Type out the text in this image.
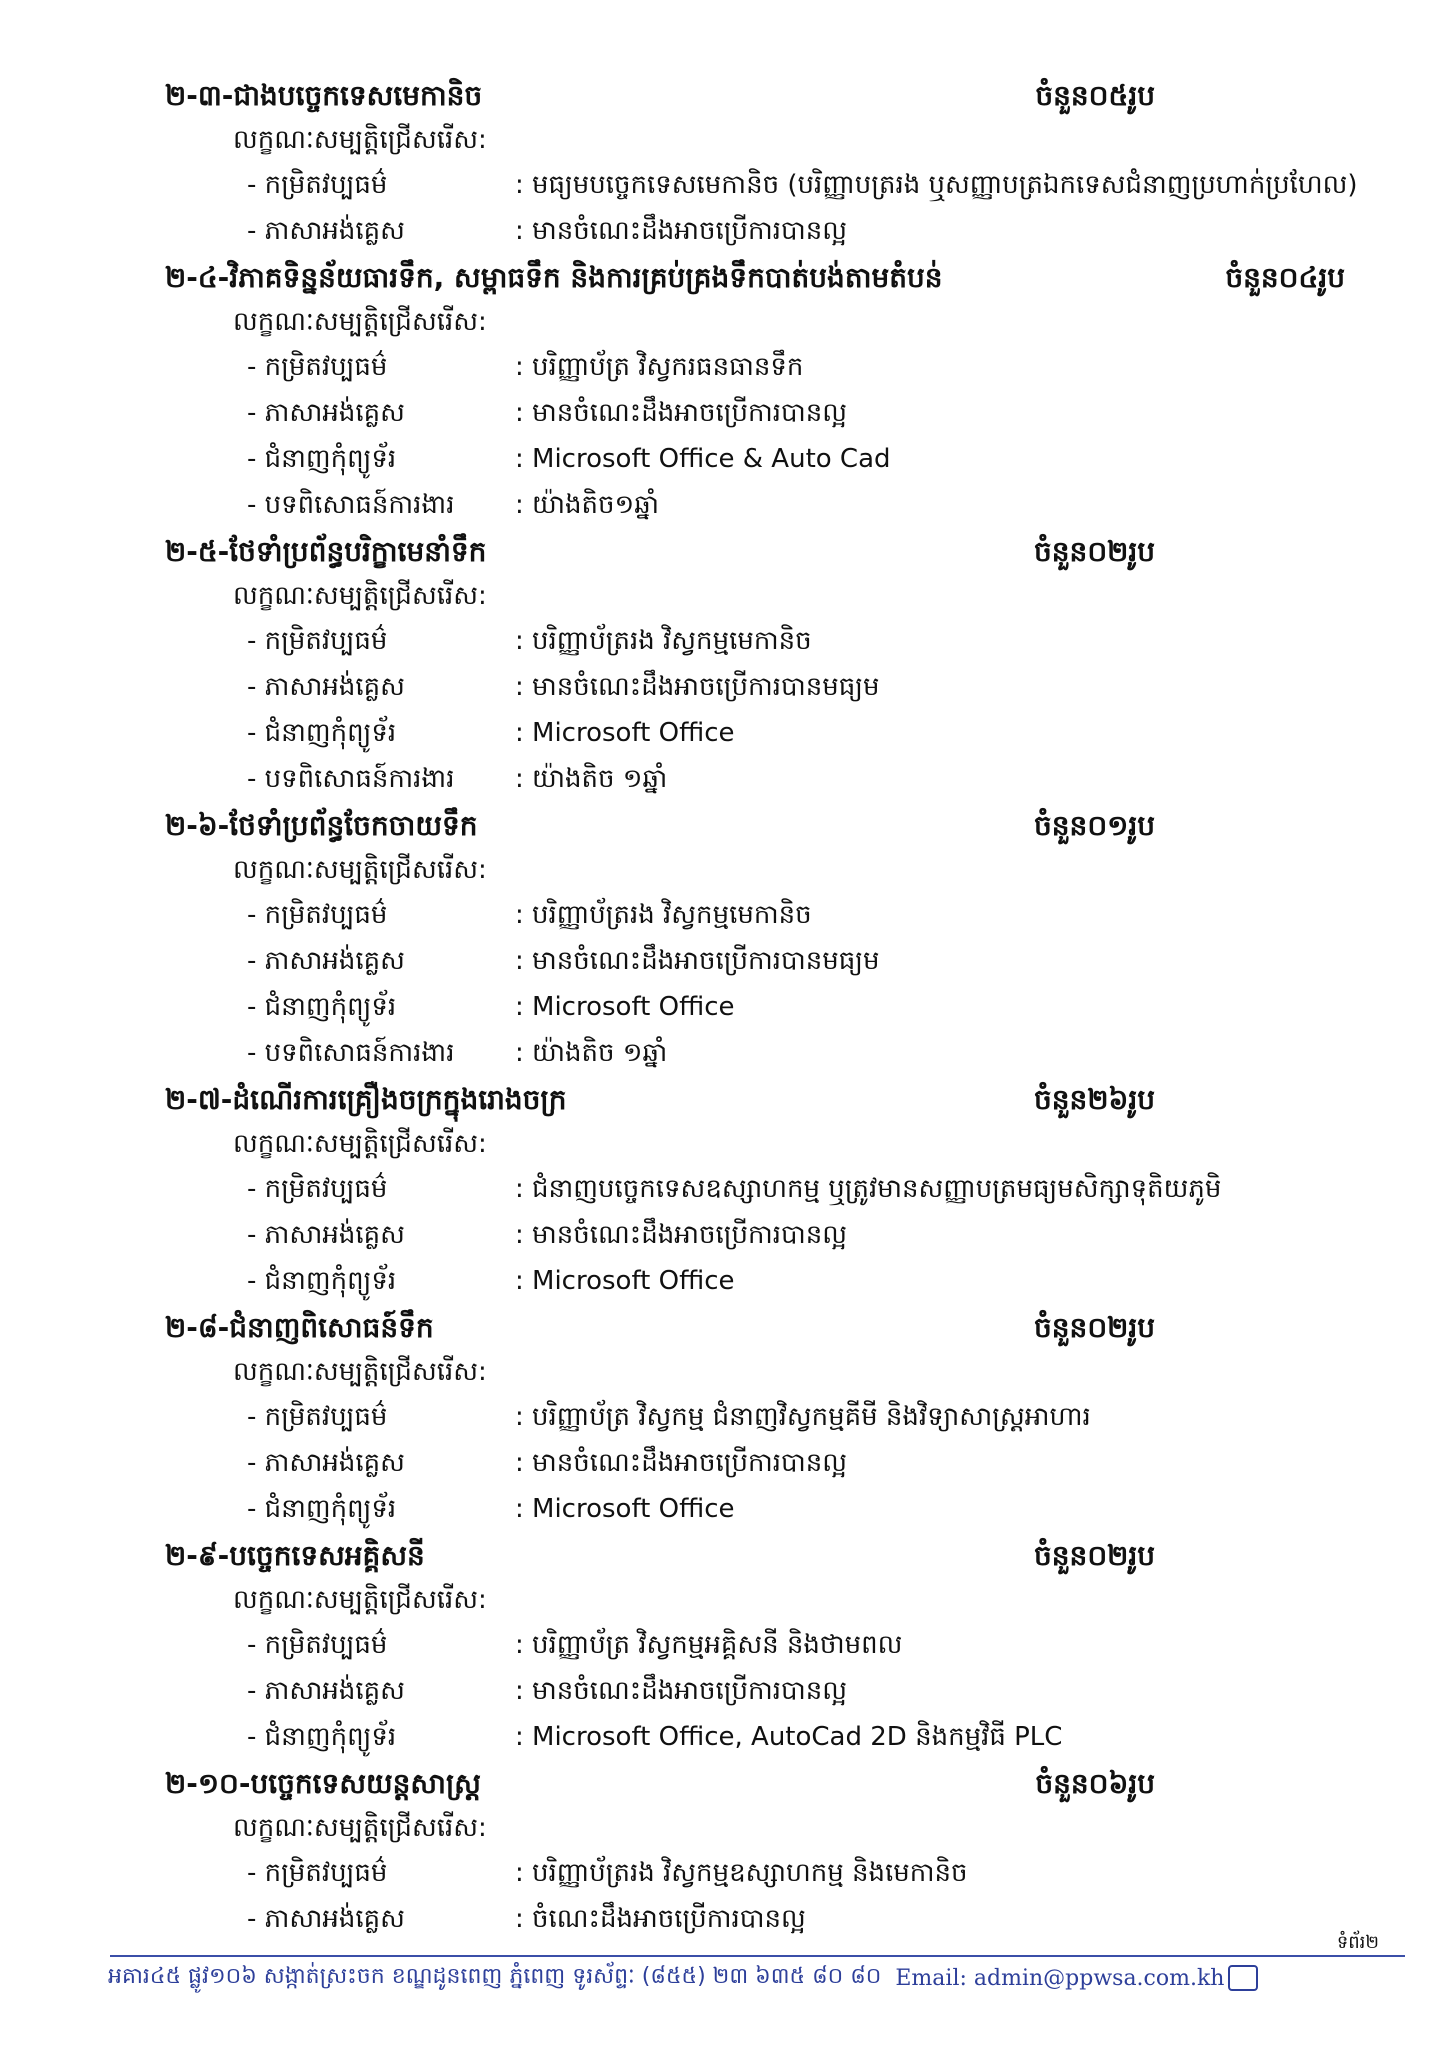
២-៣-ជាងបច្ចេកទេសមេកានិច	ចំនួន០៥រូប
លក្ខណៈសម្បត្តិជ្រើសរើស:
- កម្រិតវប្បធម៌	: មធ្យមបច្ចេកទេសមេកានិច (បរិញ្ញាបត្ររង ឬសញ្ញាបត្រឯកទេសជំនាញប្រហាក់ប្រហែល)
- ភាសាអង់គ្លេស	: មានចំណេះដឹងអាចប្រើការបានល្អ
២-៤-វិភាគទិន្នន័យធារទឹក, សម្ពាធទឹក និងការគ្រប់គ្រងទឹកបាត់បង់តាមតំបន់	ចំនួន០៤រូប
លក្ខណៈសម្បត្តិជ្រើសរើស:
- កម្រិតវប្បធម៌	: បរិញ្ញាប័ត្រ វិស្វករធនធានទឹក
- ភាសាអង់គ្លេស	: មានចំណេះដឹងអាចប្រើការបានល្អ
- ជំនាញកុំព្យូទ័រ	: Microsoft Office & Auto Cad
- បទពិសោធន៍ការងារ	: យ៉ាងតិច១ឆ្នាំ
២-៥-ថែទាំប្រព័ន្ធបរិក្ខាមេនាំទឹក	ចំនួន០២រូប
លក្ខណៈសម្បត្តិជ្រើសរើស:
- កម្រិតវប្បធម៌	: បរិញ្ញាប័ត្ររង វិស្វកម្មមេកានិច
- ភាសាអង់គ្លេស	: មានចំណេះដឹងអាចប្រើការបានមធ្យម
- ជំនាញកុំព្យូទ័រ	: Microsoft Office
- បទពិសោធន៍ការងារ	: យ៉ាងតិច ១ឆ្នាំ
២-៦-ថែទាំប្រព័ន្ធចែកចាយទឹក	ចំនួន០១រូប
លក្ខណៈសម្បត្តិជ្រើសរើស:
- កម្រិតវប្បធម៌	: បរិញ្ញាប័ត្ររង វិស្វកម្មមេកានិច
- ភាសាអង់គ្លេស	: មានចំណេះដឹងអាចប្រើការបានមធ្យម
- ជំនាញកុំព្យូទ័រ	: Microsoft Office
- បទពិសោធន៍ការងារ	: យ៉ាងតិច ១ឆ្នាំ
២-៧-ដំណើរការគ្រឿងចក្រក្នុងរោងចក្រ	ចំនួន២៦រូប
លក្ខណៈសម្បត្តិជ្រើសរើស:
- កម្រិតវប្បធម៌	: ជំនាញបច្ចេកទេសឧស្សាហកម្ម ឬត្រូវមានសញ្ញាបត្រមធ្យមសិក្សាទុតិយភូមិ
- ភាសាអង់គ្លេស	: មានចំណេះដឹងអាចប្រើការបានល្អ
- ជំនាញកុំព្យូទ័រ	: Microsoft Office
២-៨-ជំនាញពិសោធន៍ទឹក	ចំនួន០២រូប
លក្ខណៈសម្បត្តិជ្រើសរើស:
- កម្រិតវប្បធម៌	: បរិញ្ញាប័ត្រ វិស្វកម្ម ជំនាញវិស្វកម្មគីមី និងវិទ្យាសាស្ត្រអាហារ
- ភាសាអង់គ្លេស	: មានចំណេះដឹងអាចប្រើការបានល្អ
- ជំនាញកុំព្យូទ័រ	: Microsoft Office
២-៩-បច្ចេកទេសអគ្គិសនី	ចំនួន០២រូប
លក្ខណៈសម្បត្តិជ្រើសរើស:
- កម្រិតវប្បធម៌	: បរិញ្ញាប័ត្រ វិស្វកម្មអគ្គិសនី និងថាមពល
- ភាសាអង់គ្លេស	: មានចំណេះដឹងអាចប្រើការបានល្អ
- ជំនាញកុំព្យូទ័រ	: Microsoft Office, AutoCad 2D និងកម្មវិធី PLC
២-១០-បច្ចេកទេសយន្តសាស្ត្រ	ចំនួន០៦រូប
លក្ខណៈសម្បត្តិជ្រើសរើស:
- កម្រិតវប្បធម៌	: បរិញ្ញាប័ត្ររង វិស្វកម្មឧស្សាហកម្ម និងមេកានិច
- ភាសាអង់គ្លេស	: ចំណេះដឹងអាចប្រើការបានល្អ
ទំព័រ២
អគារ៤៥ ផ្លូវ១០៦ សង្កាត់ស្រះចក ខណ្ឌដូនពេញ ភ្នំពេញ ទូរស័ព្ទៈ (៨៥៥) ២៣ ៦៣៥ ៨០ ៨០ Email: admin@ppwsa.com.kh
